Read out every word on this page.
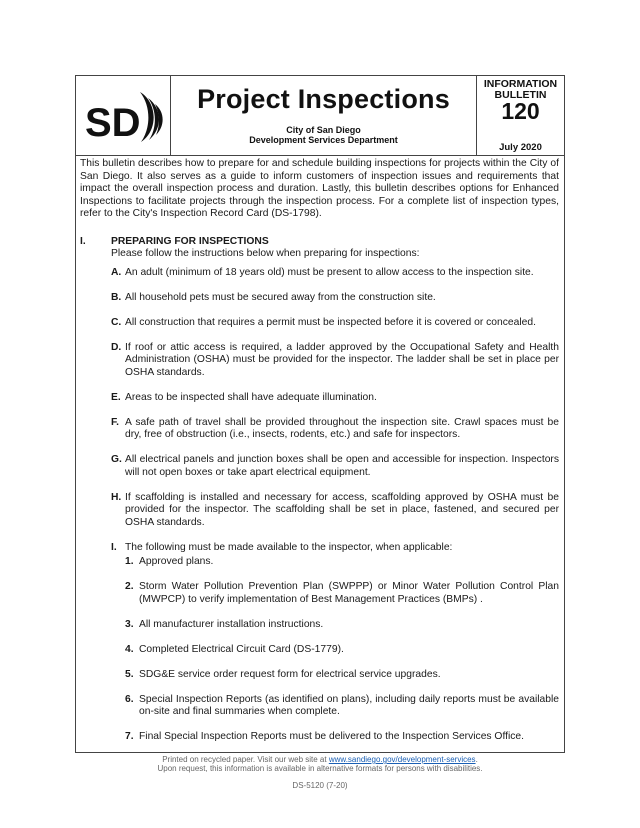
SD
Project Inspections
City of San Diego
Development Services Department
INFORMATION
BULLETIN
120
July 2020

This bulletin describes how to prepare for and schedule building inspections for projects within the City of San Diego. It also serves as a guide to inform customers of inspection issues and requirements that impact the overall inspection process and duration. Lastly, this bulletin describes options for Enhanced Inspections to facilitate projects through the inspection process. For a complete list of inspection types, refer to the City's Inspection Record Card (DS-1798).

I. PREPARING FOR INSPECTIONS
Please follow the instructions below when preparing for inspections:
A. An adult (minimum of 18 years old) must be present to allow access to the inspection site.
B. All household pets must be secured away from the construction site.
C. All construction that requires a permit must be inspected before it is covered or concealed.
D. If roof or attic access is required, a ladder approved by the Occupational Safety and Health Administration (OSHA) must be provided for the inspector. The ladder shall be set in place per OSHA standards.
E. Areas to be inspected shall have adequate illumination.
F. A safe path of travel shall be provided throughout the inspection site. Crawl spaces must be dry, free of obstruction (i.e., insects, rodents, etc.) and safe for inspectors.
G. All electrical panels and junction boxes shall be open and accessible for inspection. Inspectors will not open boxes or take apart electrical equipment.
H. If scaffolding is installed and necessary for access, scaffolding approved by OSHA must be provided for the inspector. The scaffolding shall be set in place, fastened, and secured per OSHA standards.
I. The following must be made available to the inspector, when applicable:
1. Approved plans.
2. Storm Water Pollution Prevention Plan (SWPPP) or Minor Water Pollution Control Plan (MWPCP) to verify implementation of Best Management Practices (BMPs) .
3. All manufacturer installation instructions.
4. Completed Electrical Circuit Card (DS-1779).
5. SDG&E service order request form for electrical service upgrades.
6. Special Inspection Reports (as identified on plans), including daily reports must be available on-site and final summaries when complete.
7. Final Special Inspection Reports must be delivered to the Inspection Services Office.
Printed on recycled paper. Visit our web site at www.sandiego.gov/development-services.
Upon request, this information is available in alternative formats for persons with disabilities.
DS-5120 (7-20)
